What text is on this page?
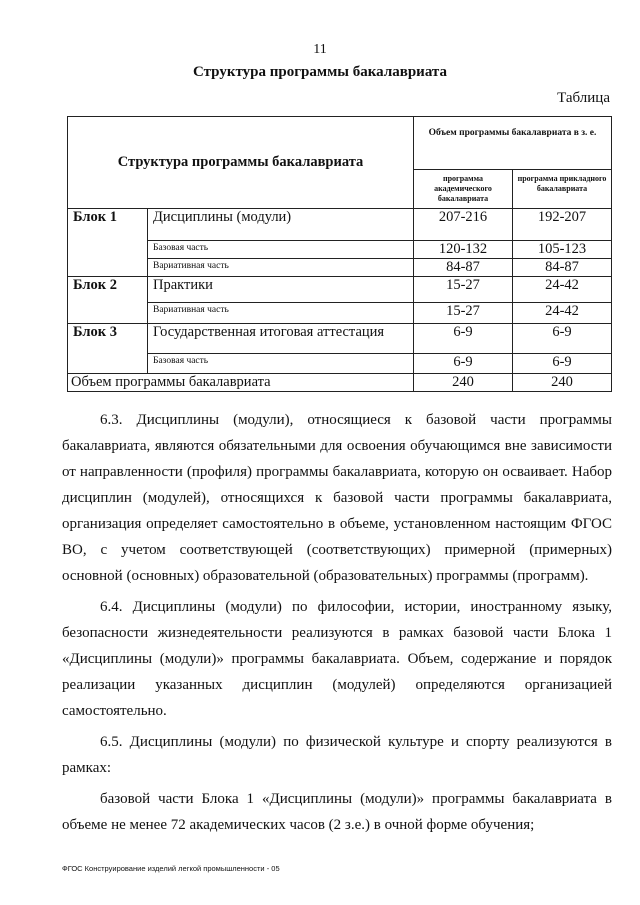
11
Структура программы бакалавриата
Таблица
Структура программы бакалавриата		Объем программы бакалавриата в з. е.	
		программа академического бакалавриата	программа прикладного бакалавриата
Блок 1	Дисциплины (модули)	207-216	192-207
	Базовая часть	120-132	105-123
	Вариативная часть	84-87	84-87
Блок 2	Практики	15-27	24-42
	Вариативная часть	15-27	24-42
Блок 3	Государственная итоговая аттестация	6-9	6-9
	Базовая часть	6-9	6-9
Объем программы бакалавриата		240	240

6.3. Дисциплины (модули), относящиеся к базовой части программы бакалавриата, являются обязательными для освоения обучающимся вне зависимости от направленности (профиля) программы бакалавриата, которую он осваивает. Набор дисциплин (модулей), относящихся к базовой части программы бакалавриата, организация определяет самостоятельно в объеме, установленном настоящим ФГОС ВО, с учетом соответствующей (соответствующих) примерной (примерных) основной (основных) образовательной (образовательных) программы (программ).

6.4. Дисциплины (модули) по философии, истории, иностранному языку, безопасности жизнедеятельности реализуются в рамках базовой части Блока 1 «Дисциплины (модули)» программы бакалавриата. Объем, содержание и порядок реализации указанных дисциплин (модулей) определяются организацией самостоятельно.

6.5. Дисциплины (модули) по физической культуре и спорту реализуются в рамках:

базовой части Блока 1 «Дисциплины (модули)» программы бакалавриата в объеме не менее 72 академических часов (2 з.е.) в очной форме обучения;

ФГОС Конструирование изделий легкой промышленности - 05
